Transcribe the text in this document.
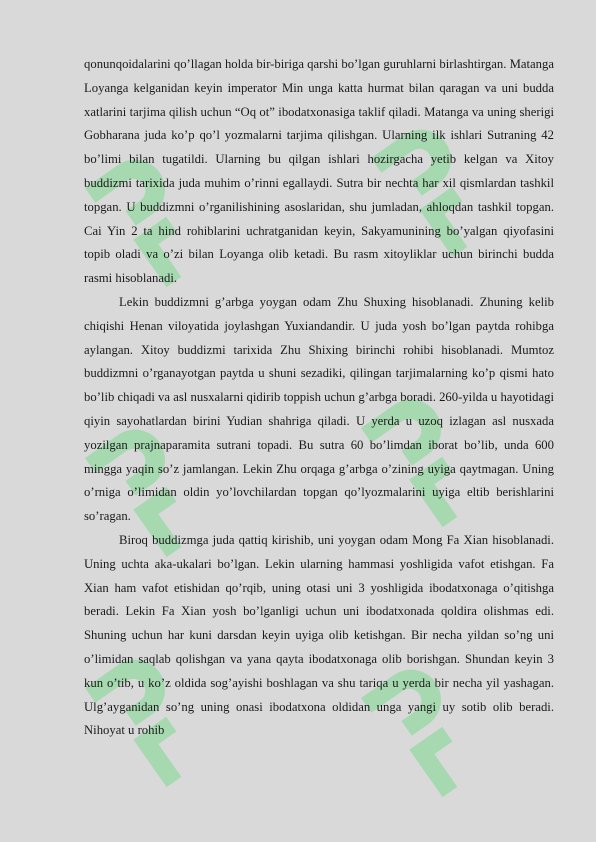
qonunqoidalarini qo’llagan holda bir-biriga qarshi bo’lgan guruhlarni birlashtirgan. Matanga Loyanga kelganidan keyin imperator Min unga katta hurmat bilan qaragan va uni budda xatlarini tarjima qilish uchun “Oq ot” ibodatxonasiga taklif qiladi. Matanga va uning sherigi Gobharana juda ko’p qo’l yozmalarni tarjima qilishgan. Ularning ilk ishlari Sutraning 42 bo’limi bilan tugatildi. Ularning bu qilgan ishlari hozirgacha yetib kelgan va Xitoy buddizmi tarixida juda muhim o’rinni egallaydi. Sutra bir nechta har xil qismlardan tashkil topgan. U buddizmni o’rganilishining asoslaridan, shu jumladan, ahloqdan tashkil topgan. Cai Yin 2 ta hind rohiblarini uchratganidan keyin, Sakyamunining bo’yalgan qiyofasini topib oladi va o’zi bilan Loyanga olib ketadi. Bu rasm xitoyliklar uchun birinchi budda rasmi hisoblanadi.

Lekin buddizmni g’arbga yoygan odam Zhu Shuxing hisoblanadi. Zhuning kelib chiqishi Henan viloyatida joylashgan Yuxiandandir. U juda yosh bo’lgan paytda rohibga aylangan. Xitoy buddizmi tarixida Zhu Shixing birinchi rohibi hisoblanadi. Mumtoz buddizmni o’rganayotgan paytda u shuni sezadiki, qilingan tarjimalarning ko’p qismi hato bo’lib chiqadi va asl nusxalarni qidirib toppish uchun g’arbga boradi. 260-yilda u hayotidagi qiyin sayohatlardan birini Yudian shahriga qiladi. U yerda u uzoq izlagan asl nusxada yozilgan prajnaparamita sutrani topadi. Bu sutra 60 bo’limdan iborat bo’lib, unda 600 mingga yaqin so’z jamlangan. Lekin Zhu orqaga g’arbga o’zining uyiga qaytmagan. Uning o’rniga o’limidan oldin yo’lovchilardan topgan qo’lyozmalarini uyiga eltib berishlarini so’ragan.

Biroq buddizmga juda qattiq kirishib, uni yoygan odam Mong Fa Xian hisoblanadi. Uning uchta aka-ukalari bo’lgan. Lekin ularning hammasi yoshligida vafot etishgan. Fa Xian ham vafot etishidan qo’rqib, uning otasi uni 3 yoshligida ibodatxonaga o’qitishga beradi. Lekin Fa Xian yosh bo’lganligi uchun uni ibodatxonada qoldira olishmas edi. Shuning uchun har kuni darsdan keyin uyiga olib ketishgan. Bir necha yildan so’ng uni o’limidan saqlab qolishgan va yana qayta ibodatxonaga olib borishgan. Shundan keyin 3 kun o’tib, u ko’z oldida sog’ayishi boshlagan va shu tariqa u yerda bir necha yil yashagan. Ulg’ayganidan so’ng uning onasi ibodatxona oldidan unga yangi uy sotib olib beradi. Nihoyat u rohib
